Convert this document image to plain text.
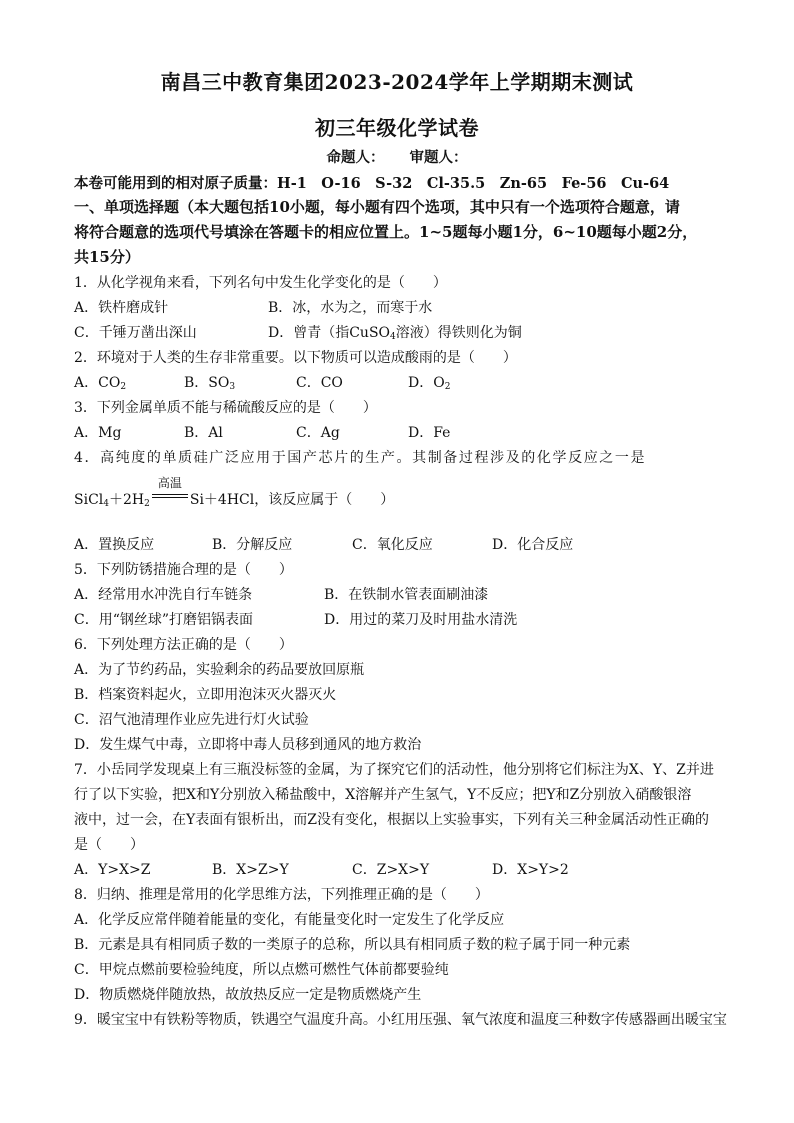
南昌三中教育集团2023-2024学年上学期期末测试
初三年级化学试卷
命题人： 审题人：
本卷可能用到的相对原子质量：H-1　O-16　S-32　Cl-35.5　Zn-65　Fe-56　Cu-64
一、单项选择题（本大题包括10小题，每小题有四个选项，其中只有一个选项符合题意，请
将符合题意的选项代号填涂在答题卡的相应位置上。1~5题每小题1分，6~10题每小题2分，
共15分）
1．从化学视角来看，下列名句中发生化学变化的是（　　）
A．铁杵磨成针	B．冰，水为之，而寒于水
C．千锤万凿出深山	D．曾青（指CuSO$_4$溶液）得铁则化为铜
2．环境对于人类的生存非常重要。以下物质可以造成酸雨的是（　　）
A．$CO_2$	B．$SO_3$	C．CO	D．$O_2$
3．下列金属单质不能与稀硫酸反应的是（　　）
A．Mg	B．Al	C．Ag	D．Fe
4．高纯度的单质硅广泛应用于国产芯片的生产。其制备过程涉及的化学反应之一是
$SiCl_4+2H_2$
高温
Si＋4HCl，该反应属于（　　）
A．置换反应	B．分解反应	C．氧化反应	D．化合反应
5．下列防锈措施合理的是（　　）
A．经常用水冲洗自行车链条	B．在铁制水管表面刷油漆
C．用“钢丝球”打磨铝锅表面	D．用过的菜刀及时用盐水清洗
6．下列处理方法正确的是（　　）
A．为了节约药品，实验剩余的药品要放回原瓶
B．档案资料起火，立即用泡沫灭火器灭火
C．沼气池清理作业应先进行灯火试验
D．发生煤气中毒，立即将中毒人员移到通风的地方救治
7．小岳同学发现桌上有三瓶没标签的金属，为了探究它们的活动性，他分别将它们标注为X、Y、Z并进
行了以下实验，把X和Y分别放入稀盐酸中，X溶解并产生氢气，Y不反应；把Y和Z分别放入硝酸银溶
液中，过一会，在Y表面有银析出，而Z没有变化，根据以上实验事实，下列有关三种金属活动性正确的
是（　　）
A．Y>X>Z	B．X>Z>Y	C．Z>X>Y	D．X>Y>2
8．归纳、推理是常用的化学思维方法，下列推理正确的是（　　）
A．化学反应常伴随着能量的变化，有能量变化时一定发生了化学反应
B．元素是具有相同质子数的一类原子的总称，所以具有相同质子数的粒子属于同一种元素
C．甲烷点燃前要检验纯度，所以点燃可燃性气体前都要验纯
D．物质燃烧伴随放热，故放热反应一定是物质燃烧产生
9．暖宝宝中有铁粉等物质，铁遇空气温度升高。小红用压强、氧气浓度和温度三种数字传感器画出暖宝宝
